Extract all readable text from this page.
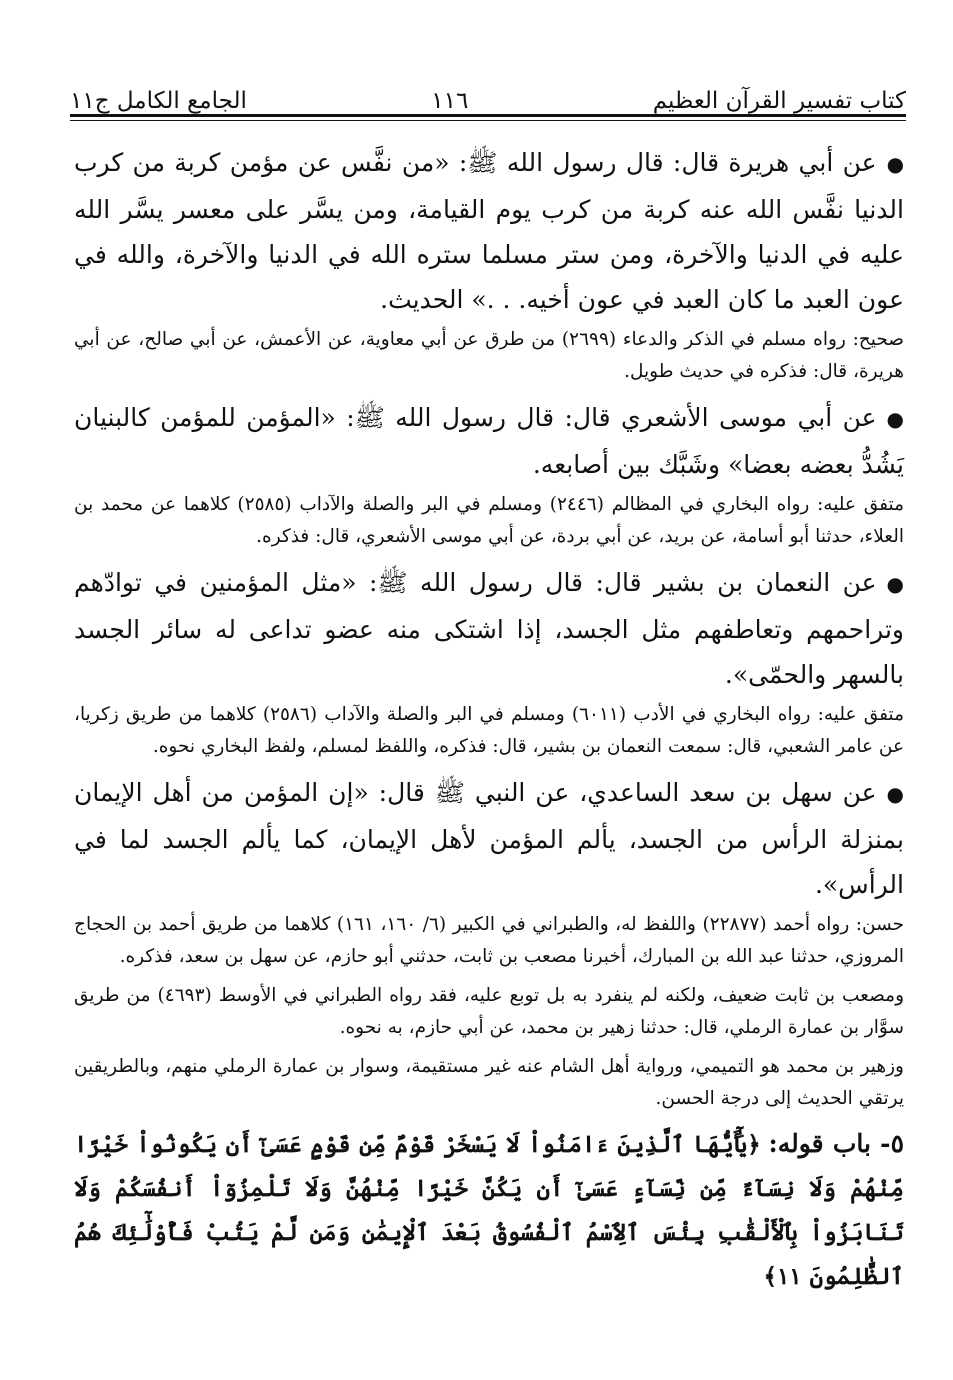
كتاب تفسير القرآن العظيم
١١٦
الجامع الكامل ج١١

●عن أبي هريرة قال: قال رسول الله ﷺ: «من نفَّس عن مؤمن كربة من كرب الدنيا نفَّس الله عنه كربة من كرب يوم القيامة، ومن يسَّر على معسر يسَّر الله عليه في الدنيا والآخرة، ومن ستر مسلما ستره الله في الدنيا والآخرة، والله في عون العبد ما كان العبد في عون أخيه. . .» الحديث.

صحيح: رواه مسلم في الذكر والدعاء (٢٦٩٩) من طرق عن أبي معاوية، عن الأعمش، عن أبي صالح، عن أبي هريرة، قال: فذكره في حديث طويل.

●عن أبي موسى الأشعري قال: قال رسول الله ﷺ: «المؤمن للمؤمن كالبنيان يَشُدُّ بعضه بعضا» وشَبَّك بين أصابعه.

متفق عليه: رواه البخاري في المظالم (٢٤٤٦) ومسلم في البر والصلة والآداب (٢٥٨٥) كلاهما عن محمد بن العلاء، حدثنا أبو أسامة، عن بريد، عن أبي بردة، عن أبي موسى الأشعري، قال: فذكره.

●عن النعمان بن بشير قال: قال رسول الله ﷺ: «مثل المؤمنين في توادّهم وتراحمهم وتعاطفهم مثل الجسد، إذا اشتكى منه عضو تداعى له سائر الجسد بالسهر والحمّى».

متفق عليه: رواه البخاري في الأدب (٦٠١١) ومسلم في البر والصلة والآداب (٢٥٨٦) كلاهما من طريق زكريا، عن عامر الشعبي، قال: سمعت النعمان بن بشير، قال: فذكره، واللفظ لمسلم، ولفظ البخاري نحوه.

●عن سهل بن سعد الساعدي، عن النبي ﷺ قال: «إن المؤمن من أهل الإيمان بمنزلة الرأس من الجسد، يألم المؤمن لأهل الإيمان، كما يألم الجسد لما في الرأس».

حسن: رواه أحمد (٢٢٨٧٧) واللفظ له، والطبراني في الكبير (٦/ ١٦٠، ١٦١) كلاهما من طريق أحمد بن الحجاج المروزي، حدثنا عبد الله بن المبارك، أخبرنا مصعب بن ثابت، حدثني أبو حازم، عن سهل بن سعد، فذكره.

ومصعب بن ثابت ضعيف، ولكنه لم ينفرد به بل توبع عليه، فقد رواه الطبراني في الأوسط (٤٦٩٣) من طريق سوَّار بن عمارة الرملي، قال: حدثنا زهير بن محمد، عن أبي حازم، به نحوه.

وزهير بن محمد هو التميمي، ورواية أهل الشام عنه غير مستقيمة، وسوار بن عمارة الرملي منهم، وبالطريقين يرتقي الحديث إلى درجة الحسن.

٥- باب قوله: ﴿يَٰٓأَيُّهَا ٱلَّذِينَ ءَامَنُواْ لَا يَسْخَرْ قَوْمٌ مِّن قَوْمٍ عَسَىٰٓ أَن يَكُونُواْ خَيْرًا مِّنْهُمْ وَلَا نِسَآءٌ مِّن نِّسَآءٍ عَسَىٰٓ أَن يَكُنَّ خَيْرًا مِّنْهُنَّ وَلَا تَلْمِزُوٓاْ أَنفُسَكُمْ وَلَا تَنَابَزُواْ بِٱلْأَلْقَٰبِ بِئْسَ ٱلِٱسْمُ ٱلْفُسُوقُ بَعْدَ ٱلْإِيمَٰنِ وَمَن لَّمْ يَتُبْ فَأُوْلَٰٓئِكَ هُمُ ٱلظَّٰلِمُونَ ١١﴾
